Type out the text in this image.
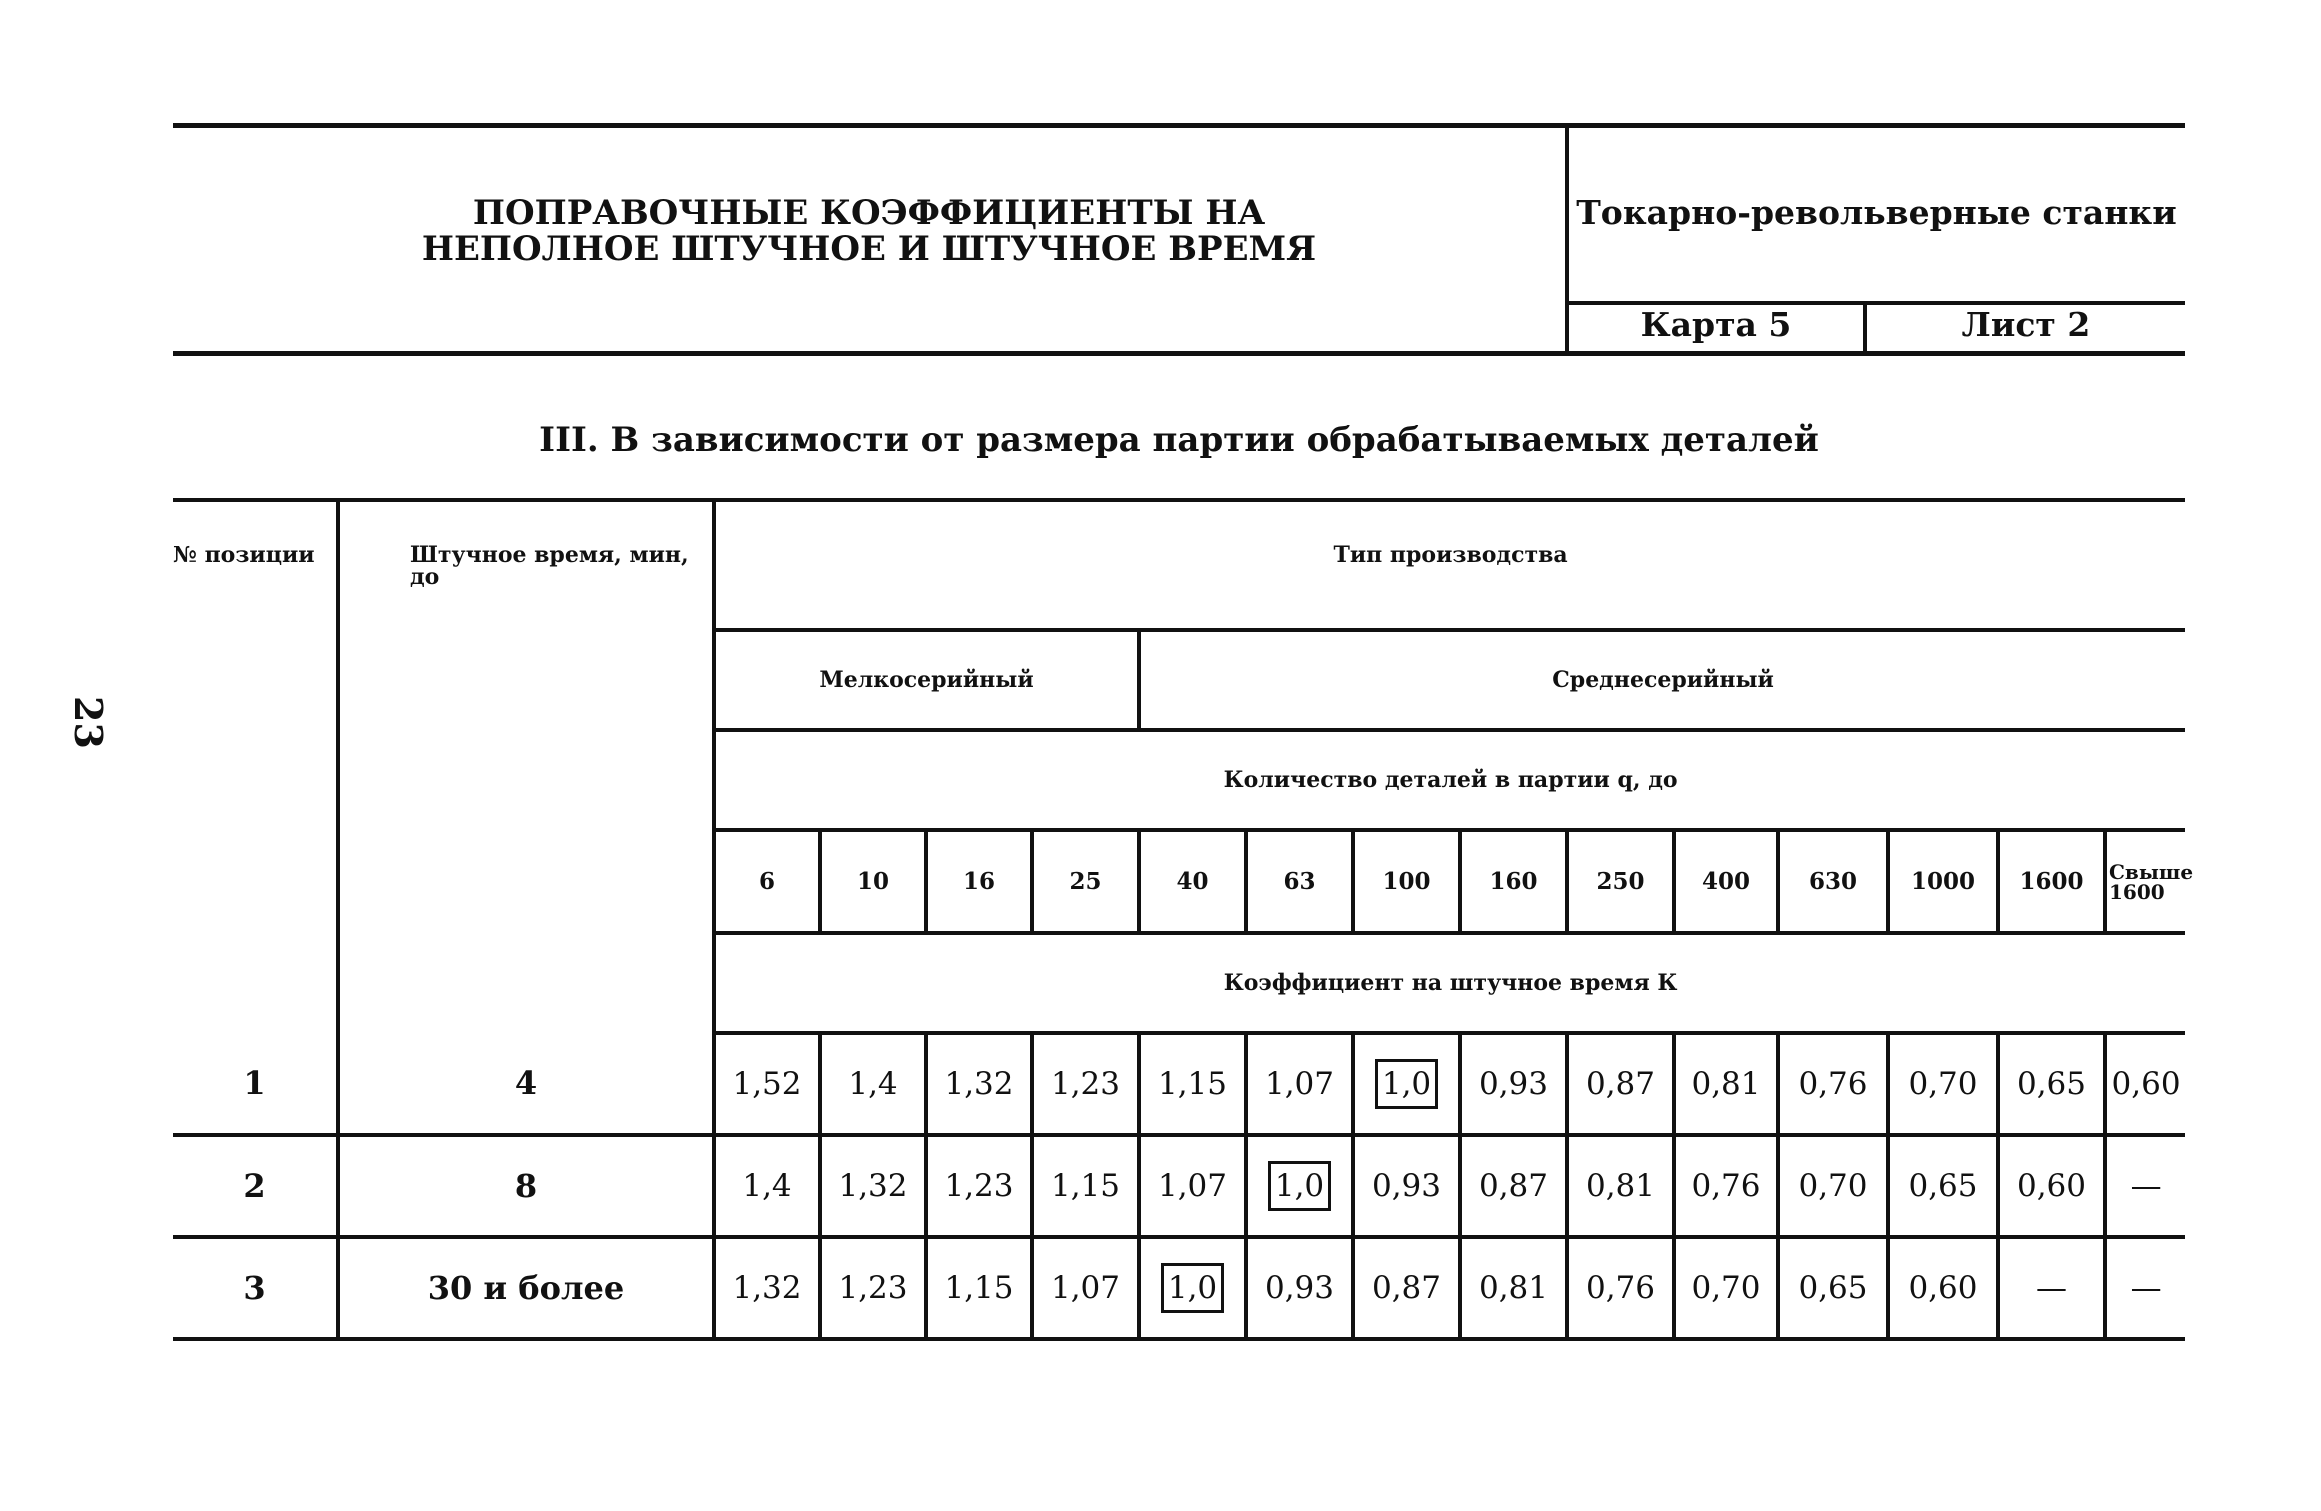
23
ПОПРАВОЧНЫЕ КОЭФФИЦИЕНТЫ НА
НЕПОЛНОЕ ШТУЧНОЕ И ШТУЧНОЕ ВРЕМЯ
Токарно-револьверные станки
Карта 5	Лист 2
III. В зависимости от размера партии обрабатываемых деталей
№ позиции	Штучное время, мин, до	Тип производства													
		Мелкосерийный				Среднесерийный									
		Количество деталей в партии q, до													
		6	10	16	25	40	63	100	160	250	400	630	1000	1600	Свыше 1600
		Коэффициент на штучное время К													
1	4	1,52	1,4	1,32	1,23	1,15	1,07	1,0	0,93	0,87	0,81	0,76	0,70	0,65	0,60
2	8	1,4	1,32	1,23	1,15	1,07	1,0	0,93	0,87	0,81	0,76	0,70	0,65	0,60	—
3	30 и более	1,32	1,23	1,15	1,07	1,0	0,93	0,87	0,81	0,76	0,70	0,65	0,60	—	—
